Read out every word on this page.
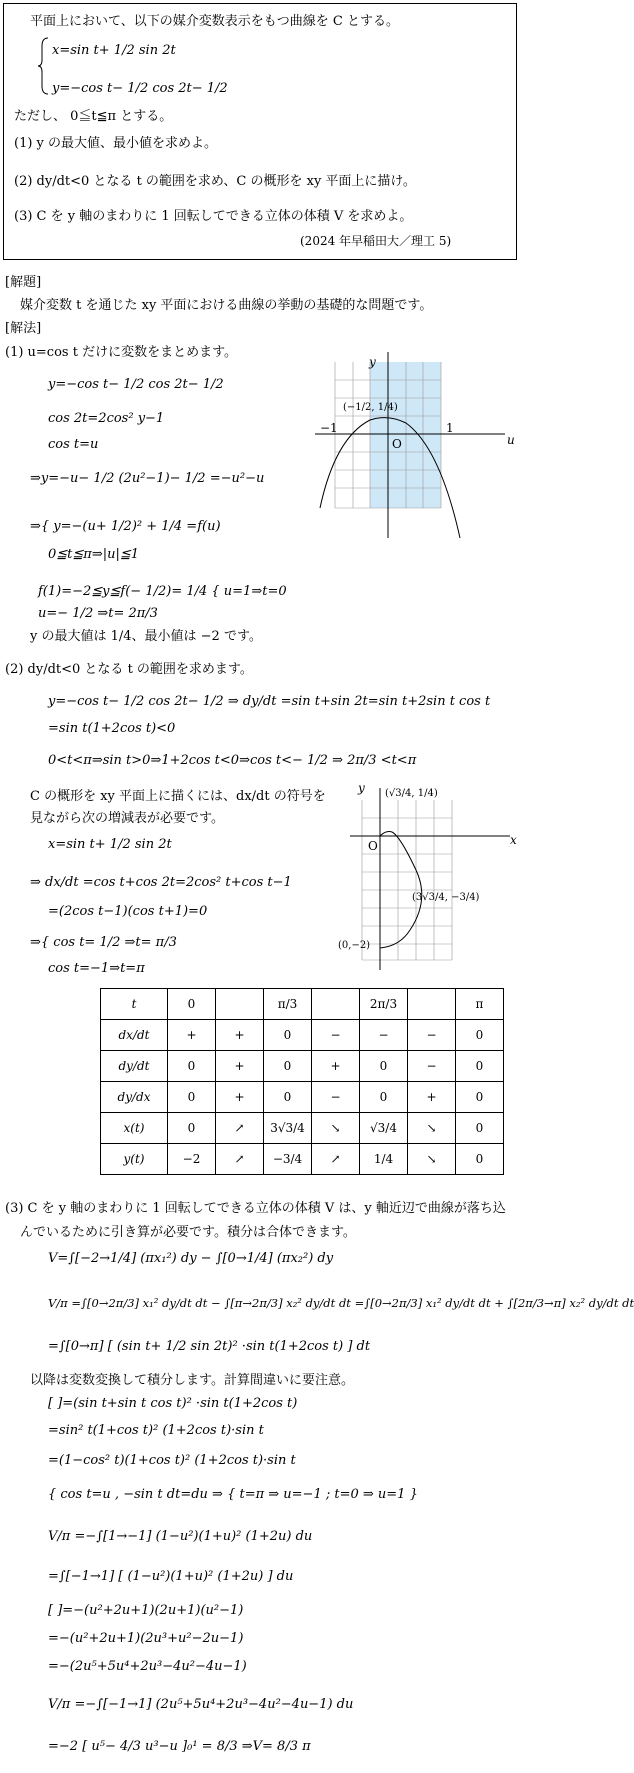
平面上において、以下の媒介変数表示をもつ曲線を C とする。
x=sin t+ 1/2 sin 2t
y=−cos t− 1/2 cos 2t− 1/2
ただし、 0≦t≦π とする。
(1) y の最大値、最小値を求めよ。
(2) dy/dt<0 となる t の範囲を求め、C の概形を xy 平面上に描け。
(3) C を y 軸のまわりに 1 回転してできる立体の体積 V を求めよ。
(2024 年早稲田大／理工 5)
[解題]
媒介変数 t を通じた xy 平面における曲線の挙動の基礎的な問題です。
[解法]
(1) u=cos t だけに変数をまとめます。
y=−cos t− 1/2 cos 2t− 1/2
cos 2t=2cos² y−1
cos t=u
⇒y=−u− 1/2 (2u²−1)− 1/2 =−u²−u
⇒{ y=−(u+ 1/2)² + 1/4 =f(u)
0≦t≦π⇒|u|≦1
f(1)=−2≦y≦f(− 1/2)= 1/4 { u=1⇒t=0
u=− 1/2 ⇒t= 2π/3
y の最大値は 1/4、最小値は −2 です。
y
u
O
−1	1
(−1/2, 1/4)
(2) dy/dt<0 となる t の範囲を求めます。
y=−cos t− 1/2 cos 2t− 1/2 ⇒ dy/dt =sin t+sin 2t=sin t+2sin t cos t
=sin t(1+2cos t)<0
0<t<π⇒sin t>0⇒1+2cos t<0⇒cos t<− 1/2 ⇒ 2π/3 <t<π
C の概形を xy 平面上に描くには、dx/dt の符号を
見ながら次の増減表が必要です。
x=sin t+ 1/2 sin 2t
⇒ dx/dt =cos t+cos 2t=2cos² t+cos t−1
=(2cos t−1)(cos t+1)=0
⇒{ cos t= 1/2 ⇒t= π/3
cos t=−1⇒t=π
y
x
O
(√3/4, 1/4)
(3√3/4, −3/4)
(0,−2)
t	0		π/3		2π/3		π
dx/dt	+	+	0	−	−	−	0
dy/dt	0	+	0	+	0	−	0
dy/dx	0	+	0	−	0	+	0
x(t)	0	↗	3√3/4	↘	√3/4	↘	0
y(t)	−2	↗	−3/4	↗	1/4	↘	0
(3) C を y 軸のまわりに 1 回転してできる立体の体積 V は、y 軸近辺で曲線が落ち込
んでいるために引き算が必要です。積分は合体できます。
V=∫[−2→1/4] (πx₁²) dy − ∫[0→1/4] (πx₂²) dy
V/π =∫[0→2π/3] x₁² dy/dt dt − ∫[π→2π/3] x₂² dy/dt dt =∫[0→2π/3] x₁² dy/dt dt + ∫[2π/3→π] x₂² dy/dt dt
=∫[0→π] [ (sin t+ 1/2 sin 2t)² ·sin t(1+2cos t) ] dt
以降は変数変換して積分します。計算間違いに要注意。
[ ]=(sin t+sin t cos t)² ·sin t(1+2cos t)
=sin² t(1+cos t)² (1+2cos t)·sin t
=(1−cos² t)(1+cos t)² (1+2cos t)·sin t
{ cos t=u , −sin t dt=du ⇒ { t=π ⇒ u=−1 ; t=0 ⇒ u=1 }
V/π =−∫[1→−1] (1−u²)(1+u)² (1+2u) du
=∫[−1→1] [ (1−u²)(1+u)² (1+2u) ] du
[ ]=−(u²+2u+1)(2u+1)(u²−1)
=−(u²+2u+1)(2u³+u²−2u−1)
=−(2u⁵+5u⁴+2u³−4u²−4u−1)
V/π =−∫[−1→1] (2u⁵+5u⁴+2u³−4u²−4u−1) du
=−2 [ u⁵− 4/3 u³−u ]₀¹ = 8/3 ⇒V= 8/3 π
